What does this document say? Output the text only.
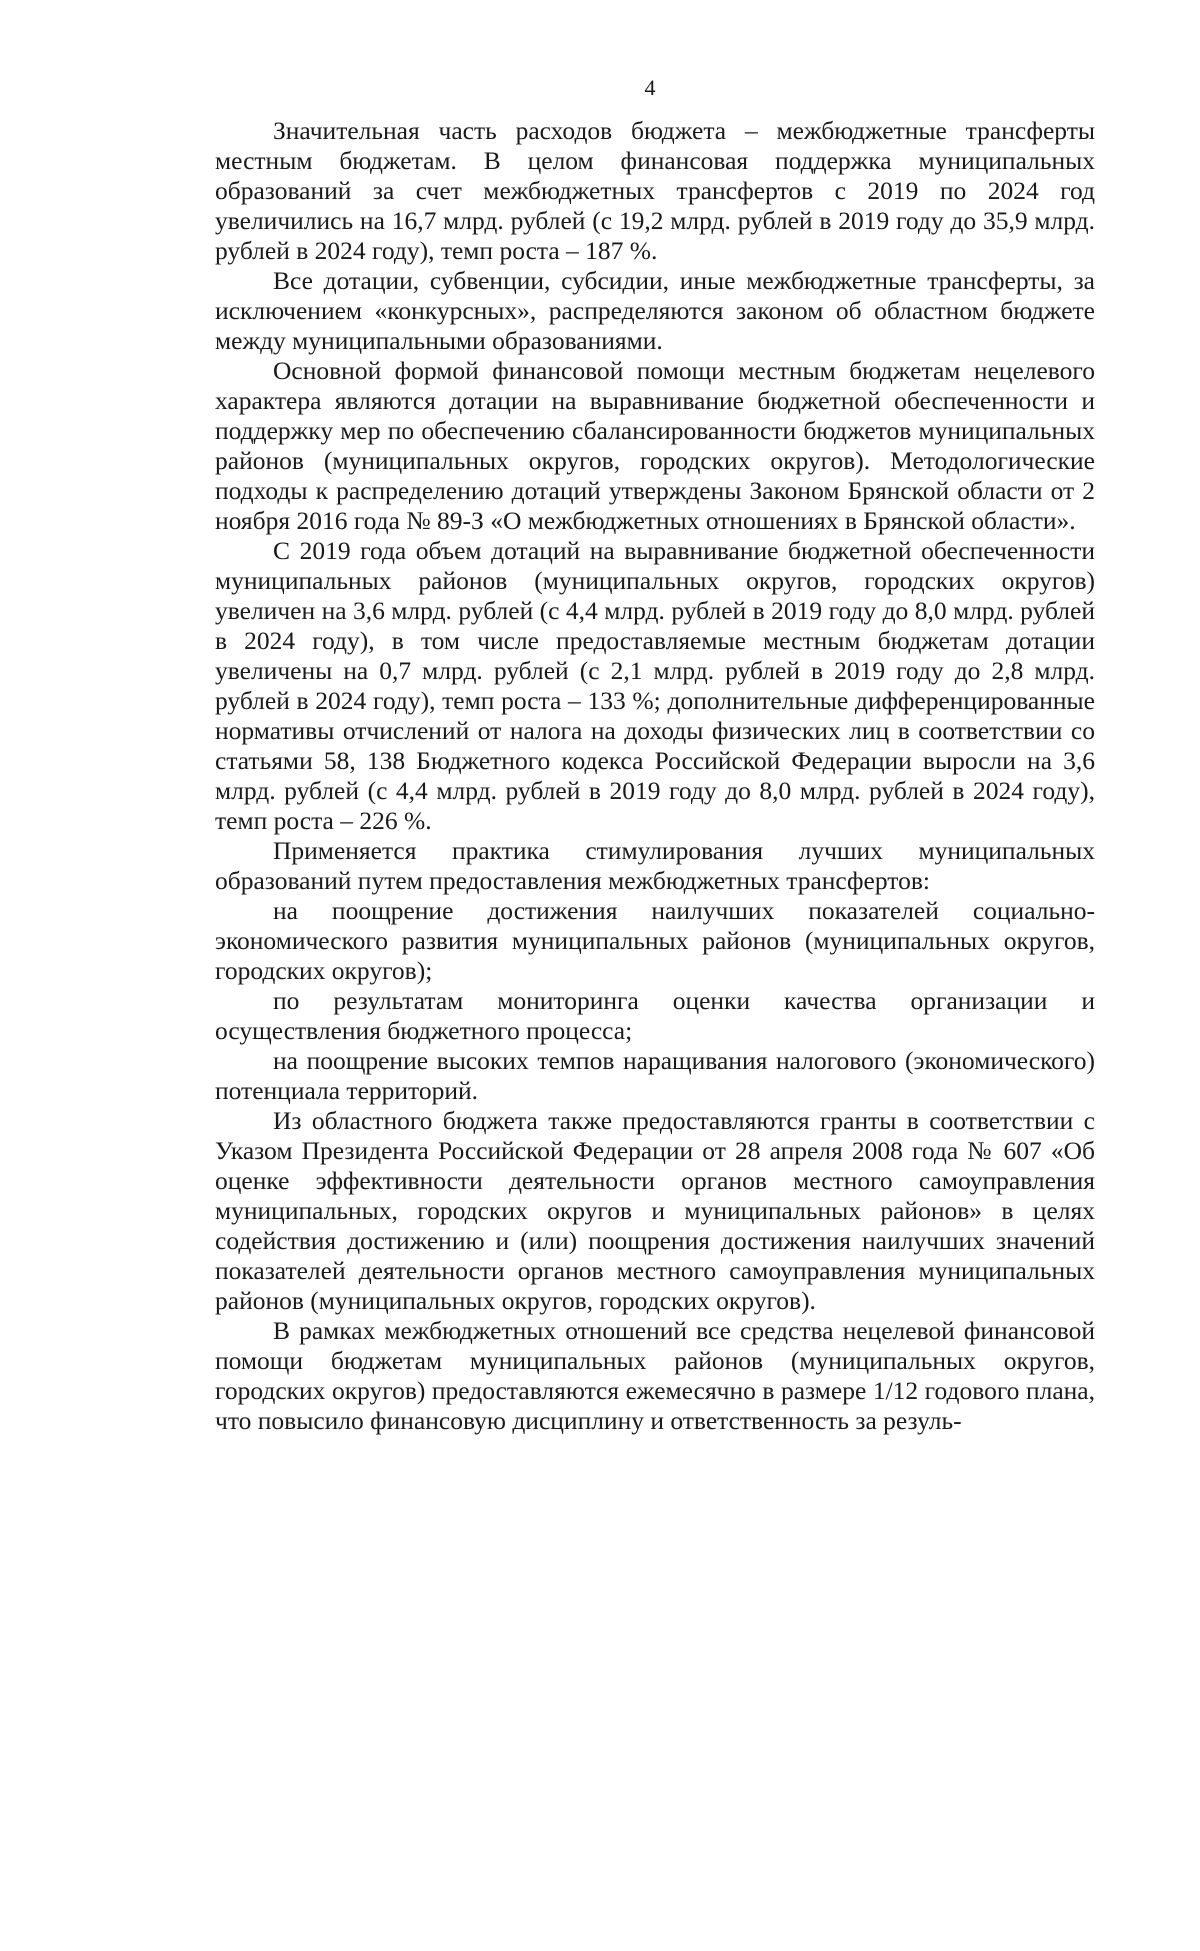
4

Значительная часть расходов бюджета – межбюджетные трансферты местным бюджетам. В целом финансовая поддержка муниципальных образований за счет межбюджетных трансфертов с 2019 по 2024 год увеличились на 16,7 млрд. рублей (с 19,2 млрд. рублей в 2019 году до 35,9 млрд. рублей в 2024 году), темп роста – 187 %.

Все дотации, субвенции, субсидии, иные межбюджетные трансферты, за исключением «конкурсных», распределяются законом об областном бюджете между муниципальными образованиями.

Основной формой финансовой помощи местным бюджетам нецелевого характера являются дотации на выравнивание бюджетной обеспеченности и поддержку мер по обеспечению сбалансированности бюджетов муниципальных районов (муниципальных округов, городских округов). Методологические подходы к распределению дотаций утверждены Законом Брянской области от 2 ноября 2016 года № 89-З «О межбюджетных отношениях в Брянской области».

С 2019 года объем дотаций на выравнивание бюджетной обеспеченности муниципальных районов (муниципальных округов, городских округов) увеличен на 3,6 млрд. рублей (с 4,4 млрд. рублей в 2019 году до 8,0 млрд. рублей в 2024 году), в том числе предоставляемые местным бюджетам дотации увеличены на 0,7 млрд. рублей (с 2,1 млрд. рублей в 2019 году до 2,8 млрд. рублей в 2024 году), темп роста – 133 %; дополнительные дифференцированные нормативы отчислений от налога на доходы физических лиц в соответствии со статьями 58, 138 Бюджетного кодекса Российской Федерации выросли на 3,6 млрд. рублей (с 4,4 млрд. рублей в 2019 году до 8,0 млрд. рублей в 2024 году), темп роста – 226 %.

Применяется практика стимулирования лучших муниципальных образований путем предоставления межбюджетных трансфертов:

на поощрение достижения наилучших показателей социально-экономического развития муниципальных районов (муниципальных округов, городских округов);

по результатам мониторинга оценки качества организации и осуществления бюджетного процесса;

на поощрение высоких темпов наращивания налогового (экономического) потенциала территорий.

Из областного бюджета также предоставляются гранты в соответствии с Указом Президента Российской Федерации от 28 апреля 2008 года № 607 «Об оценке эффективности деятельности органов местного самоуправления муниципальных, городских округов и муниципальных районов» в целях содействия достижению и (или) поощрения достижения наилучших значений показателей деятельности органов местного самоуправления муниципальных районов (муниципальных округов, городских округов).

В рамках межбюджетных отношений все средства нецелевой финансовой помощи бюджетам муниципальных районов (муниципальных округов, городских округов) предоставляются ежемесячно в размере 1/12 годового плана, что повысило финансовую дисциплину и ответственность за резуль-
